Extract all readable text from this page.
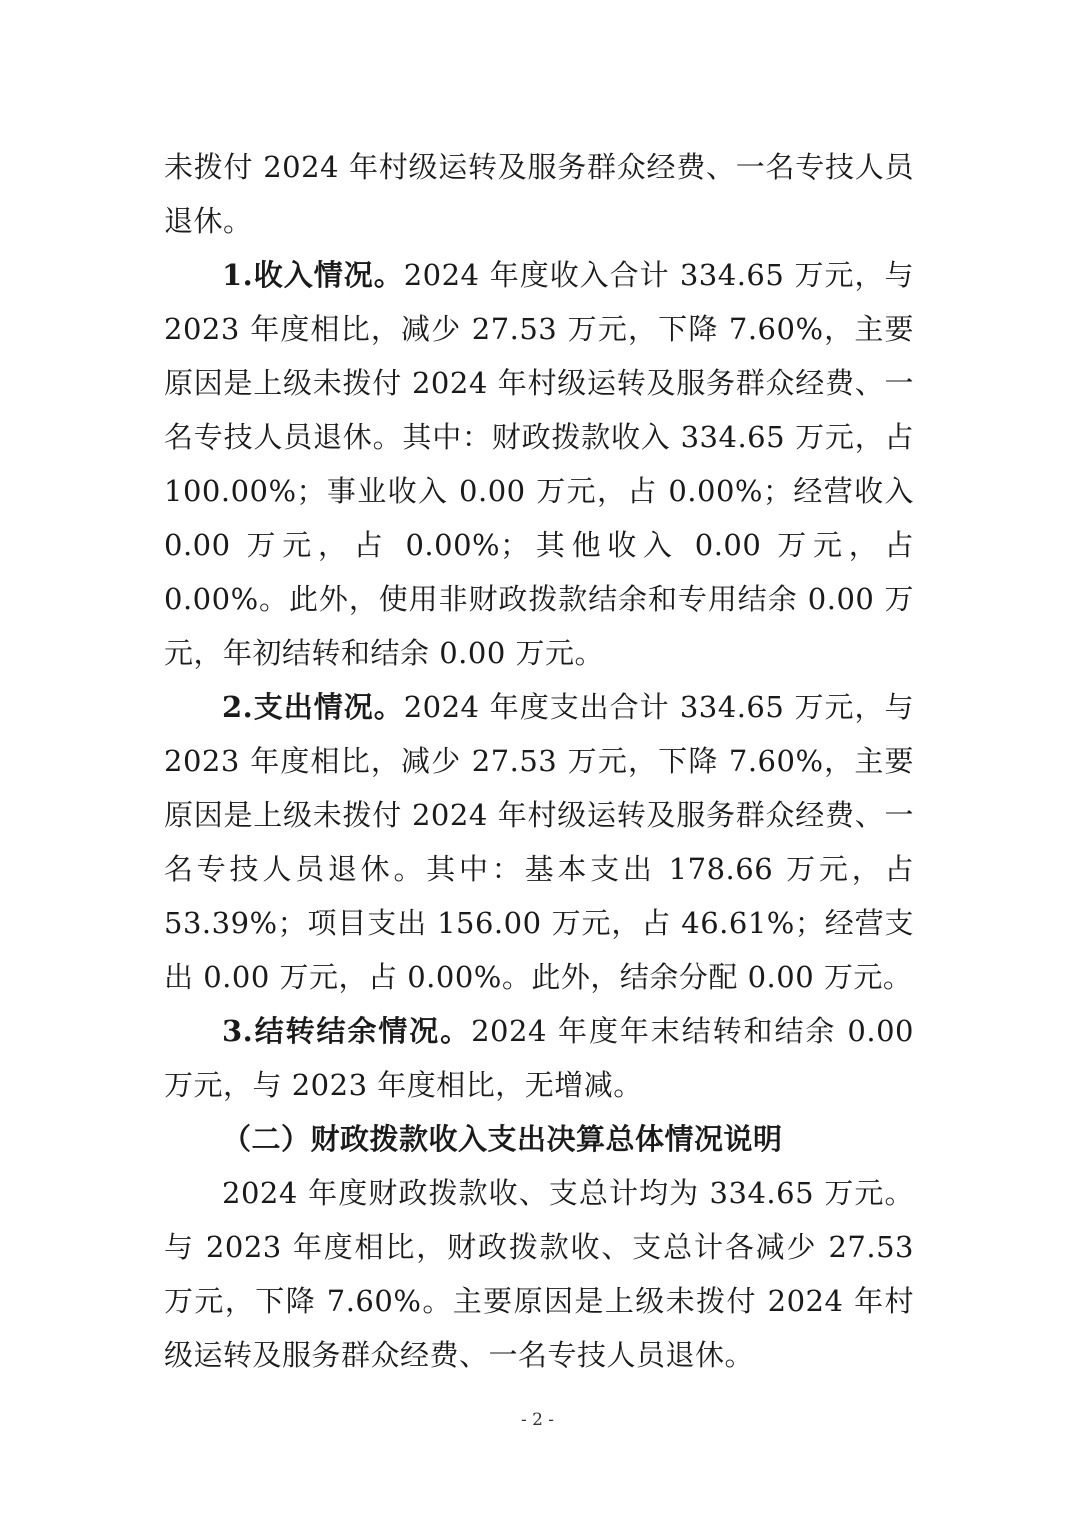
未拨付 2024 年村级运转及服务群众经费、一名专技人员退休。

1.收入情况。2024 年度收入合计 334.65 万元，与 2023 年度相比，减少 27.53 万元，下降 7.60%，主要原因是上级未拨付 2024 年村级运转及服务群众经费、一名专技人员退休。其中：财政拨款收入 334.65 万元，占 100.00%；事业收入 0.00 万元，占 0.00%；经营收入 0.00 万元，占 0.00%；其他收入 0.00 万元，占 0.00%。此外，使用非财政拨款结余和专用结余 0.00 万元，年初结转和结余 0.00 万元。

2.支出情况。2024 年度支出合计 334.65 万元，与 2023 年度相比，减少 27.53 万元，下降 7.60%，主要原因是上级未拨付 2024 年村级运转及服务群众经费、一名专技人员退休。其中：基本支出 178.66 万元，占 53.39%；项目支出 156.00 万元，占 46.61%；经营支出 0.00 万元，占 0.00%。此外，结余分配 0.00 万元。

3.结转结余情况。2024 年度年末结转和结余 0.00 万元，与 2023 年度相比，无增减。

（二）财政拨款收入支出决算总体情况说明

2024 年度财政拨款收、支总计均为 334.65 万元。与 2023 年度相比，财政拨款收、支总计各减少 27.53 万元，下降 7.60%。主要原因是上级未拨付 2024 年村级运转及服务群众经费、一名专技人员退休。

- 2 -
